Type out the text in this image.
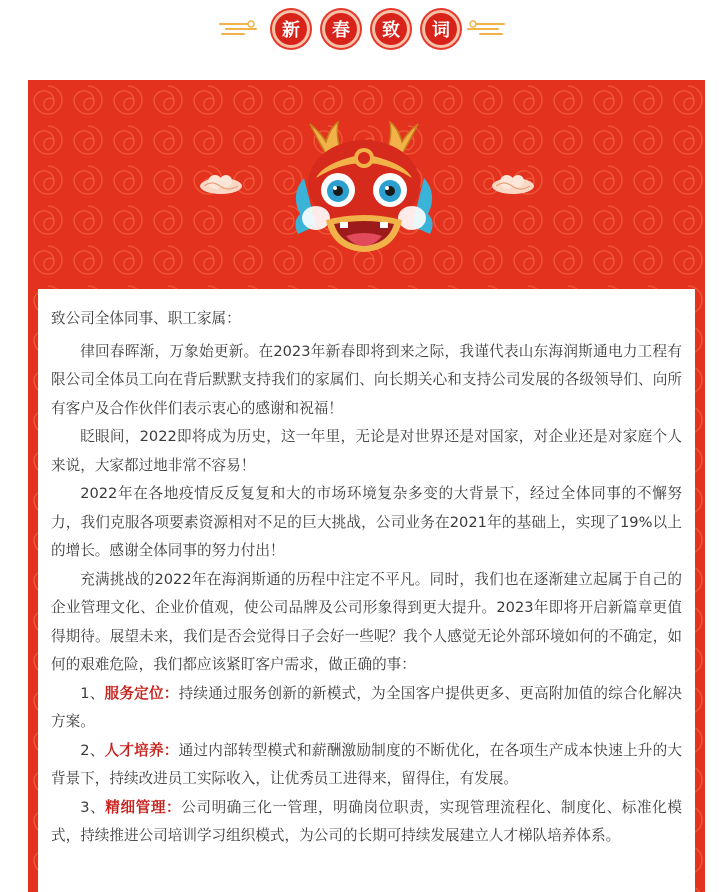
新	春	致	词

致公司全体同事、职工家属：

律回春晖渐，万象始更新。在2023年新春即将到来之际，我谨代表山东海润斯通电力工程有限公司全体员工向在背后默默支持我们的家属们、向长期关心和支持公司发展的各级领导们、向所有客户及合作伙伴们表示衷心的感谢和祝福！

眨眼间，2022即将成为历史，这一年里，无论是对世界还是对国家，对企业还是对家庭个人来说，大家都过地非常不容易！

2022年在各地疫情反反复复和大的市场环境复杂多变的大背景下，经过全体同事的不懈努力，我们克服各项要素资源相对不足的巨大挑战，公司业务在2021年的基础上，实现了19%以上的增长。感谢全体同事的努力付出！

充满挑战的2022年在海润斯通的历程中注定不平凡。同时，我们也在逐渐建立起属于自己的企业管理文化、企业价值观，使公司品牌及公司形象得到更大提升。2023年即将开启新篇章更值得期待。展望未来，我们是否会觉得日子会好一些呢？我个人感觉无论外部环境如何的不确定，如何的艰难危险，我们都应该紧盯客户需求，做正确的事：

1、服务定位：持续通过服务创新的新模式，为全国客户提供更多、更高附加值的综合化解决方案。

2、人才培养：通过内部转型模式和薪酬激励制度的不断优化，在各项生产成本快速上升的大背景下，持续改进员工实际收入，让优秀员工进得来，留得住，有发展。

3、精细管理：公司明确三化一管理，明确岗位职责，实现管理流程化、制度化、标准化模式，持续推进公司培训学习组织模式，为公司的长期可持续发展建立人才梯队培养体系。
